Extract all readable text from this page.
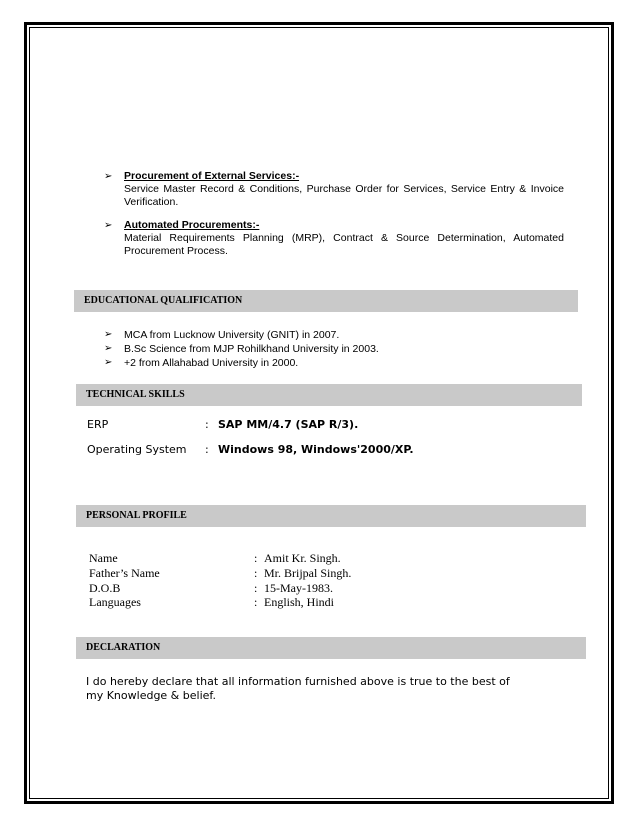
➢ Procurement of External Services:-
Service Master Record & Conditions, Purchase Order for Services, Service Entry & Invoice Verification.
➢ Automated Procurements:-
Material Requirements Planning (MRP), Contract & Source Determination, Automated Procurement Process.
EDUCATIONAL QUALIFICATION
➢ MCA from Lucknow University (GNIT) in 2007.
➢ B.Sc Science from MJP Rohilkhand University in 2003.
➢ +2 from Allahabad University in 2000.
TECHNICAL SKILLS
ERP	: SAP MM/4.7 (SAP R/3).
Operating System : Windows 98, Windows'2000/XP.
PERSONAL PROFILE
Name	: Amit Kr. Singh.
Father’s Name	: Mr. Brijpal Singh.
D.O.B	: 15-May-1983.
Languages	: English, Hindi
DECLARATION
I do hereby declare that all information furnished above is true to the best of my Knowledge & belief.
